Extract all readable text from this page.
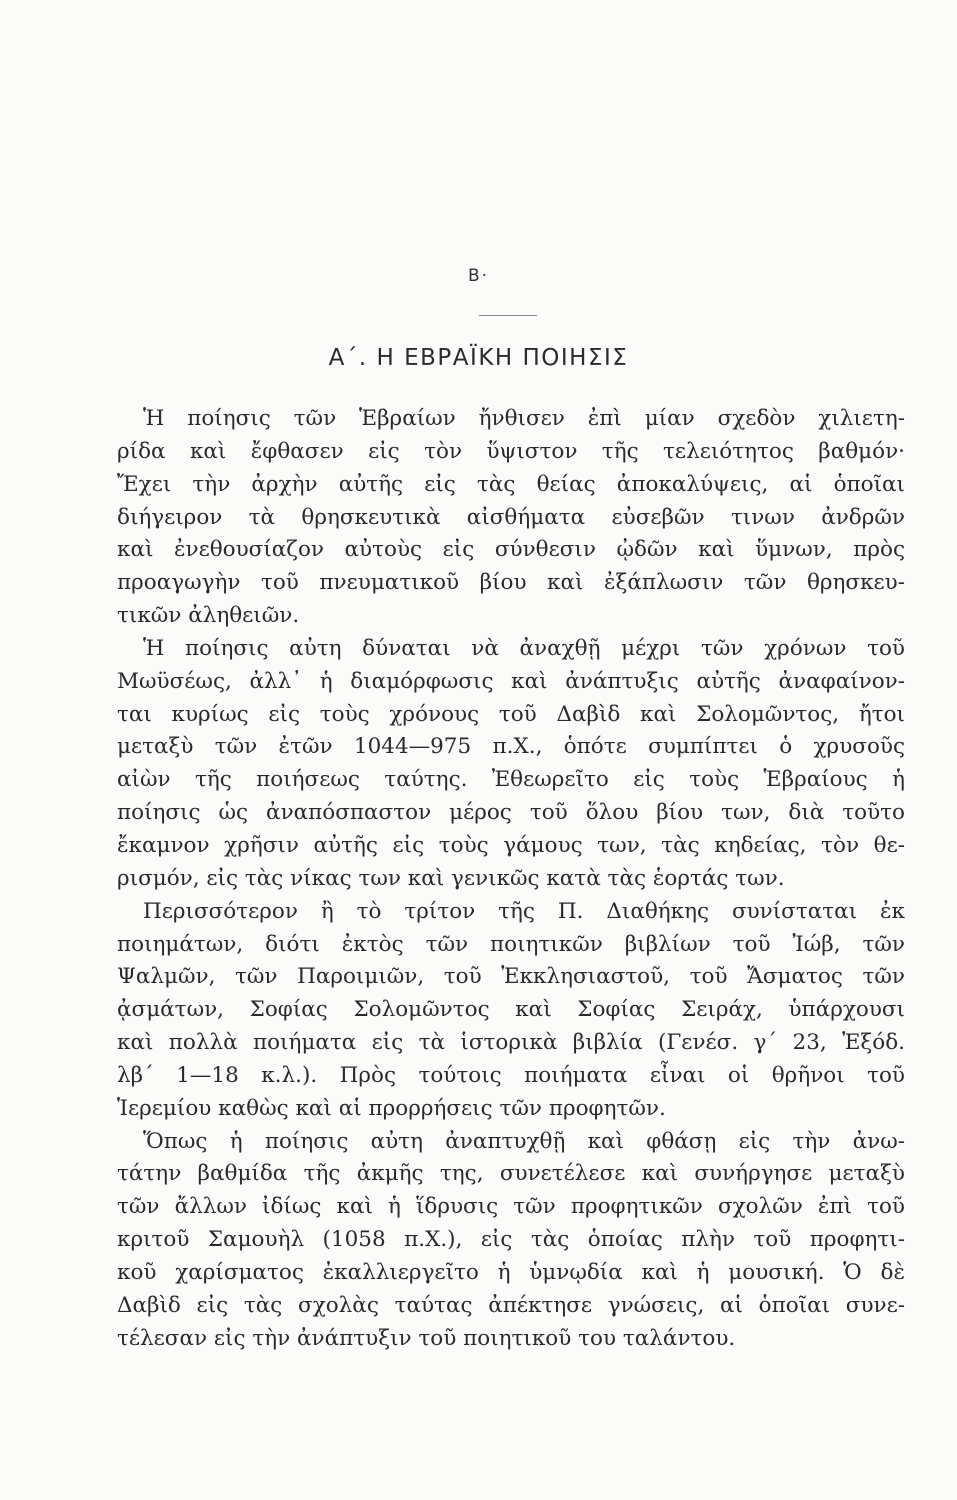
Β·
Α΄. Η ΕΒΡΑΪΚΗ ΠΟΙΗΣΙΣ
Ἡ ποίησις τῶν Ἑβραίων ἤνθισεν ἐπὶ μίαν σχεδὸν χιλιετη-
ρίδα καὶ ἔφθασεν εἰς τὸν ὕψιστον τῆς τελειότητος βαθμόν·
Ἔχει τὴν ἀρχὴν αὐτῆς εἰς τὰς θείας ἀποκαλύψεις, αἱ ὁποῖαι
διήγειρον τὰ θρησκευτικὰ αἰσθήματα εὐσεβῶν τινων ἀνδρῶν
καὶ ἐνεθουσίαζον αὐτοὺς εἰς σύνθεσιν ᾠδῶν καὶ ὕμνων, πρὸς
προαγωγὴν τοῦ πνευματικοῦ βίου καὶ ἐξάπλωσιν τῶν θρησκευ-
τικῶν ἀληθειῶν.
Ἡ ποίησις αὐτη δύναται νὰ ἀναχθῇ μέχρι τῶν χρόνων τοῦ
Μωϋσέως, ἀλλ᾽ ἡ διαμόρφωσις καὶ ἀνάπτυξις αὐτῆς ἀναφαίνον-
ται κυρίως εἰς τοὺς χρόνους τοῦ Δαβὶδ καὶ Σολομῶντος, ἤτοι
μεταξὺ τῶν ἐτῶν 1044—975 π.Χ., ὁπότε συμπίπτει ὁ χρυσοῦς
αἰὼν τῆς ποιήσεως ταύτης. Ἐθεωρεῖτο εἰς τοὺς Ἑβραίους ἡ
ποίησις ὡς ἀναπόσπαστον μέρος τοῦ ὅλου βίου των, διὰ τοῦτο
ἔκαμνον χρῆσιν αὐτῆς εἰς τοὺς γάμους των, τὰς κηδείας, τὸν θε-
ρισμόν, εἰς τὰς νίκας των καὶ γενικῶς κατὰ τὰς ἑορτάς των.
Περισσότερον ἢ τὸ τρίτον τῆς Π. Διαθήκης συνίσταται ἐκ
ποιημάτων, διότι ἐκτὸς τῶν ποιητικῶν βιβλίων τοῦ Ἰώβ, τῶν
Ψαλμῶν, τῶν Παροιμιῶν, τοῦ Ἐκκλησιαστοῦ, τοῦ Ἄσματος τῶν
ᾀσμάτων, Σοφίας Σολομῶντος καὶ Σοφίας Σειράχ, ὑπάρχουσι
καὶ πολλὰ ποιήματα εἰς τὰ ἱστορικὰ βιβλία (Γενέσ. γ΄ 23, Ἐξόδ.
λβ΄ 1—18 κ.λ.). Πρὸς τούτοις ποιήματα εἶναι οἱ θρῆνοι τοῦ
Ἱερεμίου καθὼς καὶ αἱ προρρήσεις τῶν προφητῶν.
Ὅπως ἡ ποίησις αὐτη ἀναπτυχθῇ καὶ φθάσῃ εἰς τὴν ἀνω-
τάτην βαθμίδα τῆς ἀκμῆς της, συνετέλεσε καὶ συνήργησε μεταξὺ
τῶν ἄλλων ἰδίως καὶ ἡ ἵδρυσις τῶν προφητικῶν σχολῶν ἐπὶ τοῦ
κριτοῦ Σαμουὴλ (1058 π.Χ.), εἰς τὰς ὁποίας πλὴν τοῦ προφητι-
κοῦ χαρίσματος ἐκαλλιεργεῖτο ἡ ὑμνῳδία καὶ ἡ μουσική. Ὁ δὲ
Δαβὶδ εἰς τὰς σχολὰς ταύτας ἀπέκτησε γνώσεις, αἱ ὁποῖαι συνε-
τέλεσαν εἰς τὴν ἀνάπτυξιν τοῦ ποιητικοῦ του ταλάντου.
